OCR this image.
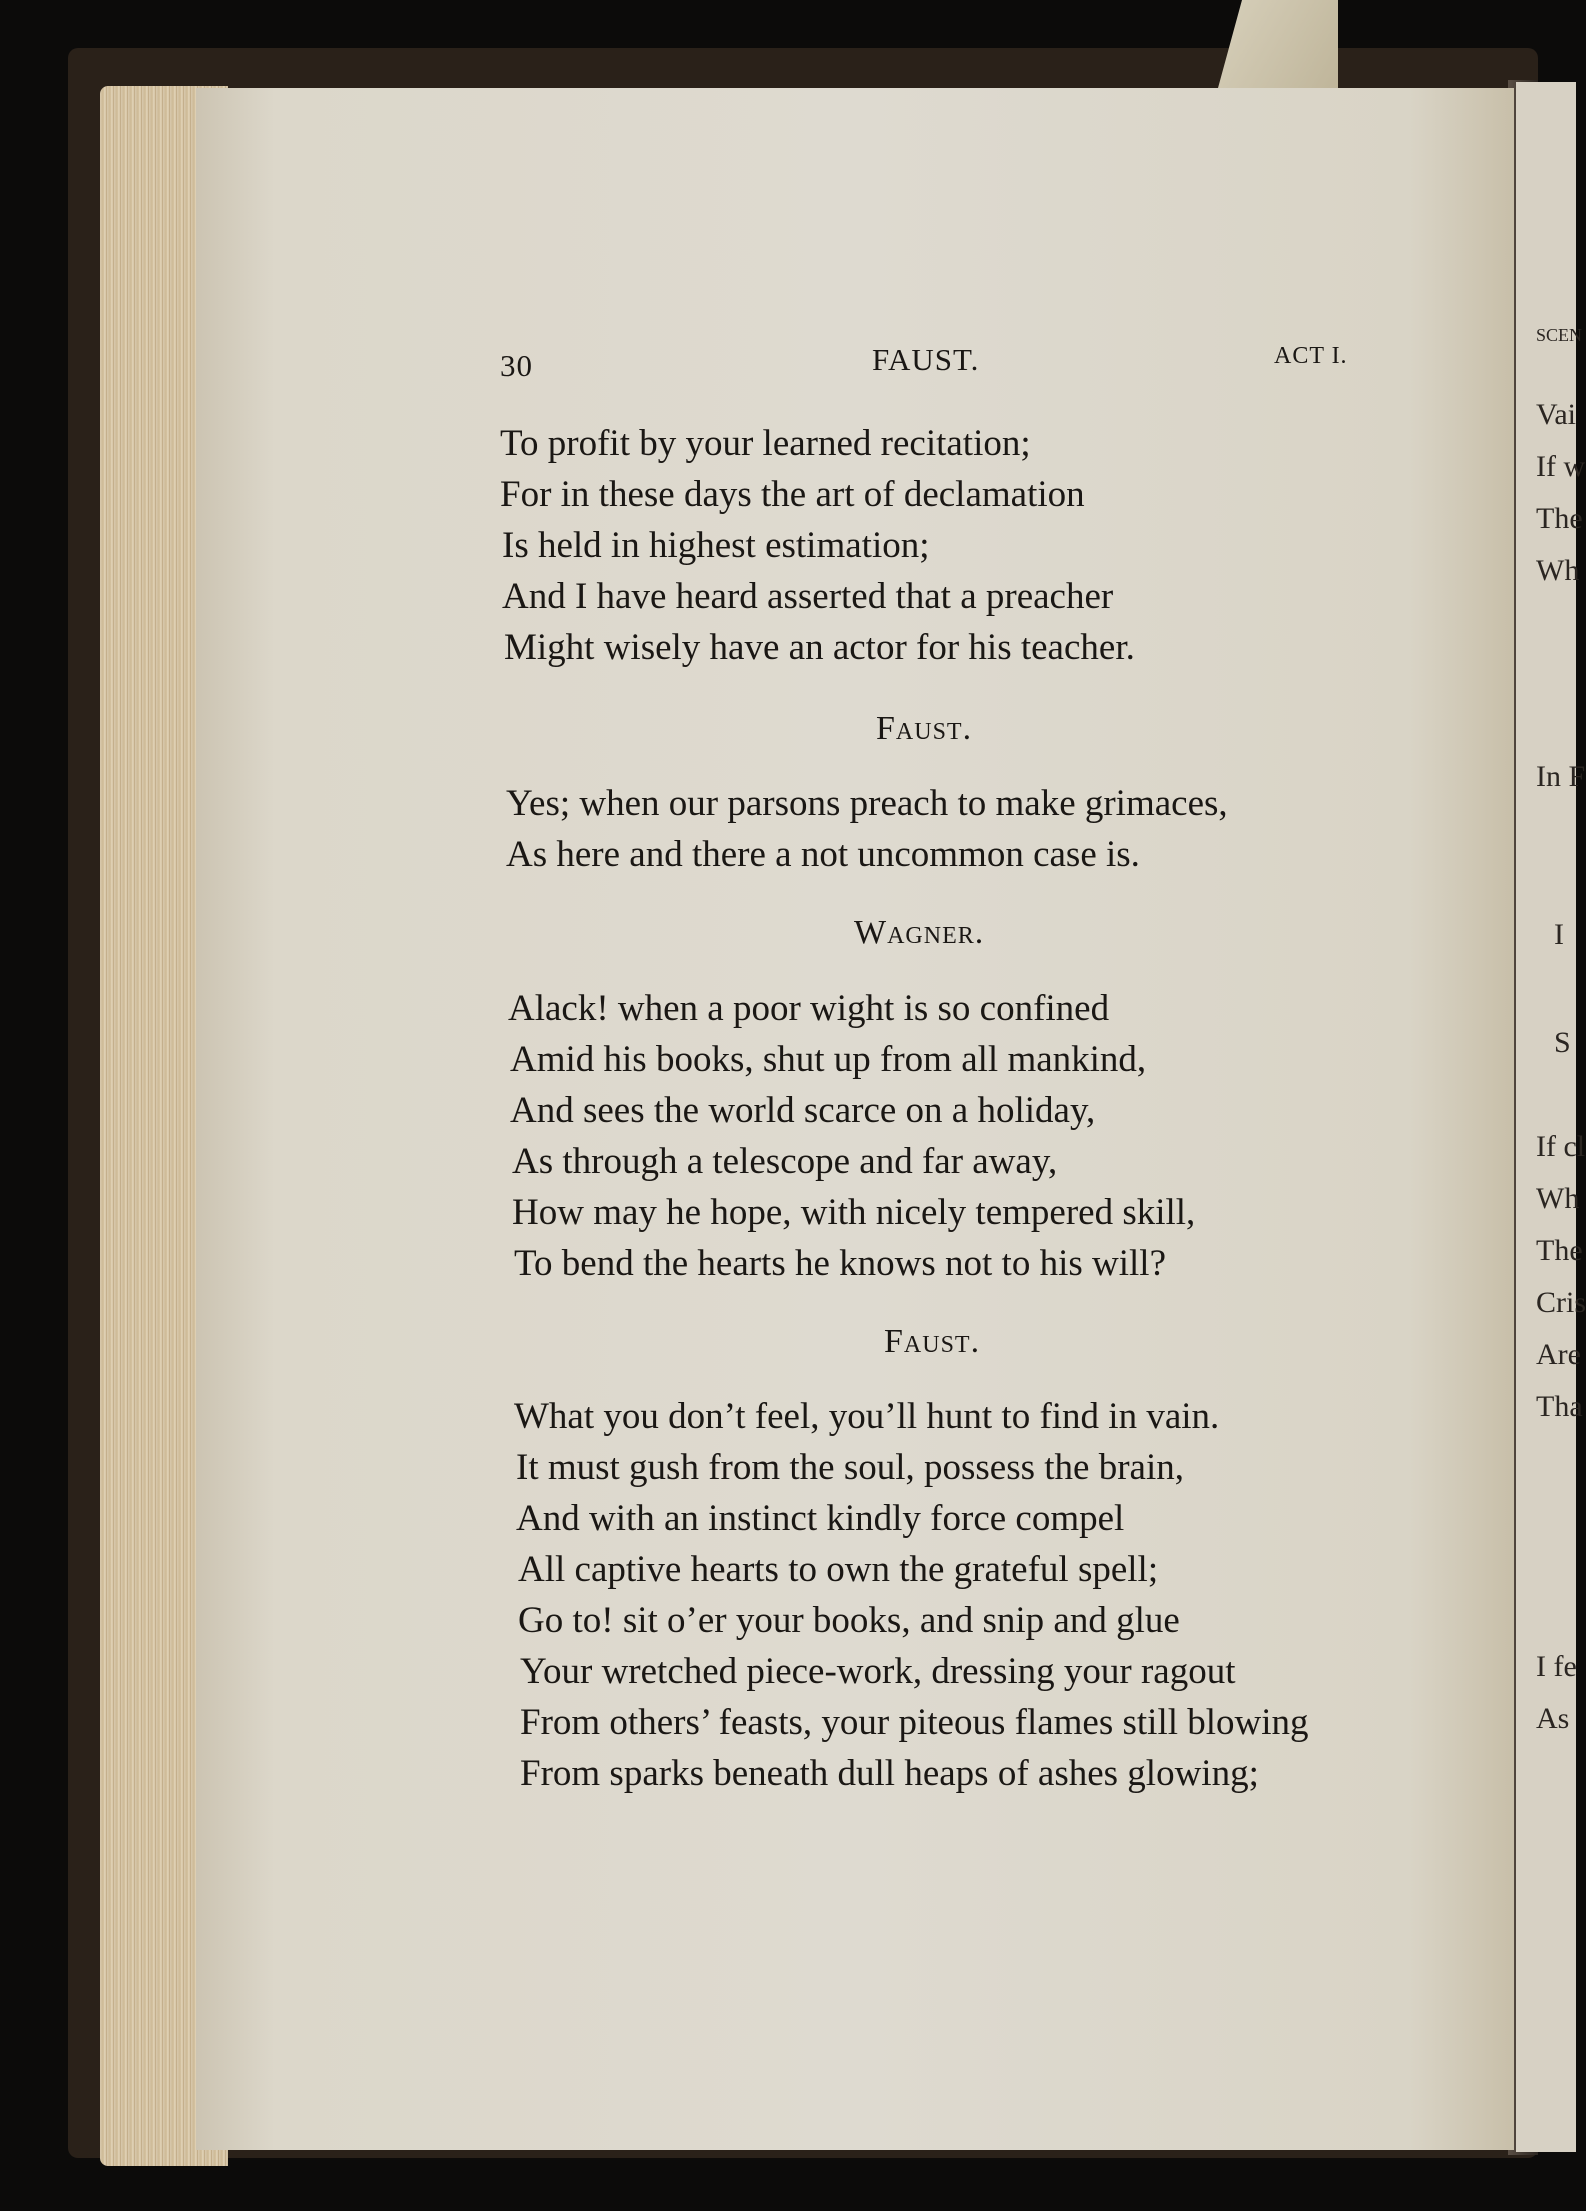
30	FAUST.	ACT I.
To profit by your learned recitation;
For in these days the art of declamation
Is held in highest estimation;
And I have heard asserted that a preacher
Might wisely have an actor for his teacher.
Faust.
Yes; when our parsons preach to make grimaces,
As here and there a not uncommon case is.
Wagner.
Alack! when a poor wight is so confined
Amid his books, shut up from all mankind,
And sees the world scarce on a holiday,
As through a telescope and far away,
How may he hope, with nicely tempered skill,
To bend the hearts he knows not to his will?
Faust.
What you don’t feel, you’ll hunt to find in vain.
It must gush from the soul, possess the brain,
And with an instinct kindly force compel
All captive hearts to own the grateful spell;
Go to! sit o’er your books, and snip and glue
Your wretched piece-work, dressing your ragout
From others’ feasts, your piteous flames still blowing
From sparks beneath dull heaps of ashes glowing;
SCEN
Vai
If w
The
Wh
In F
I
S
If cl
Wh
The
Cris
Are
Tha
I fe
As
